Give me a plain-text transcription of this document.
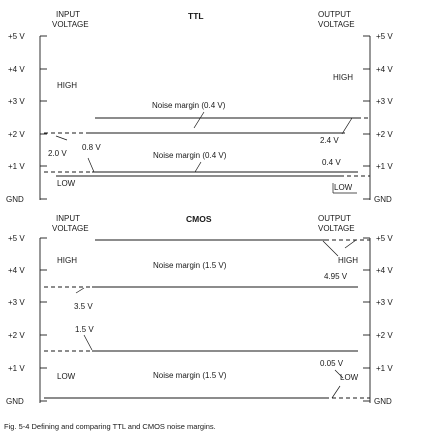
INPUT
VOLTAGE
TTL	OUTPUT
VOLTAGE
+5 V
+4 V
+3 V
+2 V
+1 V
GND
+5 V
+4 V
+3 V
+2 V
+1 V
GND
HIGH
HIGH
2.0 V
0.8 V
2.4 V
Noise margin (0.4 V)
Noise margin (0.4 V)
0.4 V
LOW	LOW
INPUT
VOLTAGE
CMOS	OUTPUT
VOLTAGE
+5 V
+4 V
+3 V
+2 V
+1 V
GND
+5 V
+4 V
+3 V
+2 V
+1 V
GND
HIGH
4.95 V
HIGH
Noise margin (1.5 V)
3.5 V
1.5 V
LOW	Noise margin (1.5 V)
0.05 V
LOW
Fig. 5-4 Defining and comparing TTL and CMOS noise margins.
